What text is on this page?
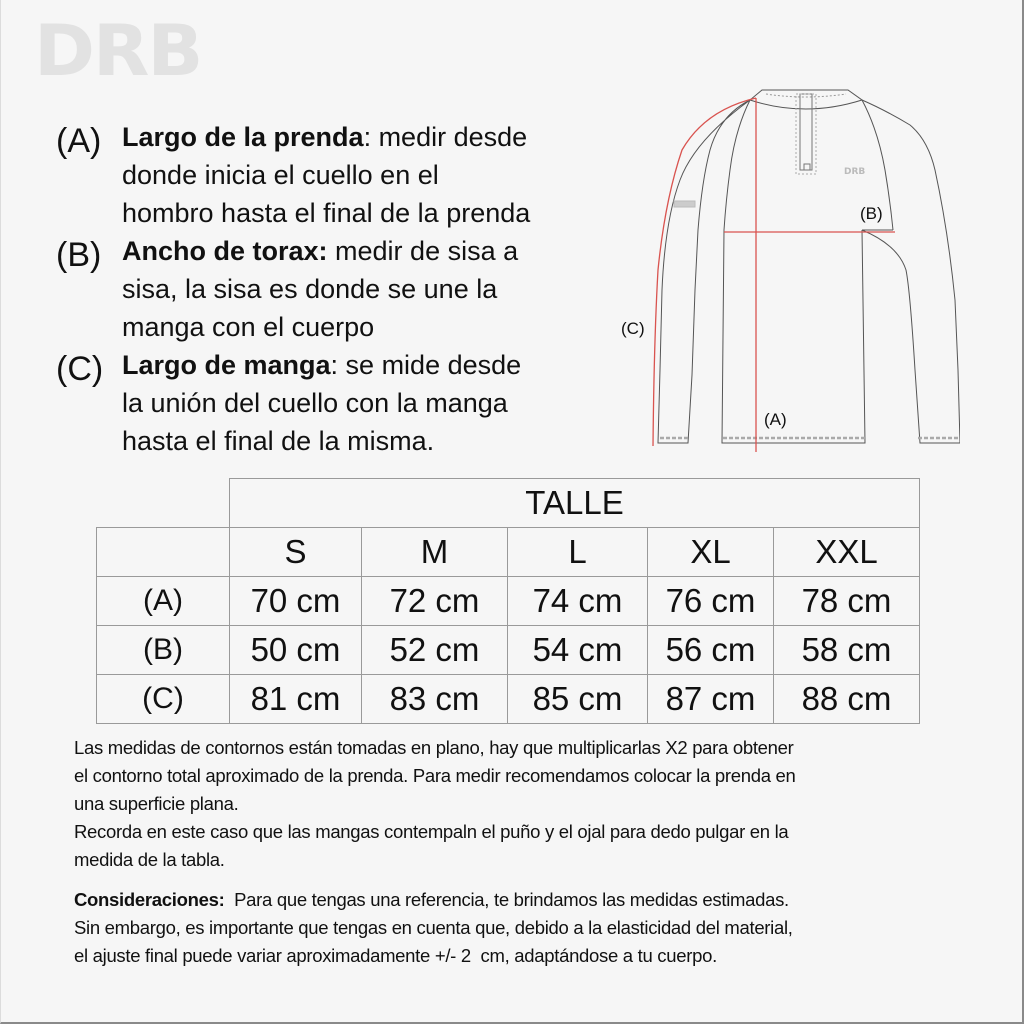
DRB
(A) Largo de la prenda: medir desde
donde inicia el cuello en el
hombro hasta el final de la prenda
(B) Ancho de torax: medir de sisa a
sisa, la sisa es donde se une la
manga con el cuerpo
(C) Largo de manga: se mide desde
la unión del cuello con la manga
hasta el final de la misma.
DRB
(A)
(B)
(C)
	TALLE				
	S	M	L	XL	XXL
(A)	70 cm	72 cm	74 cm	76 cm	78 cm
(B)	50 cm	52 cm	54 cm	56 cm	58 cm
(C)	81 cm	83 cm	85 cm	87 cm	88 cm

Las medidas de contornos están tomadas en plano, hay que multiplicarlas X2 para obtener

el contorno total aproximado de la prenda. Para medir recomendamos colocar la prenda en

una superficie plana.

Recorda en este caso que las mangas contempaln el puño y el ojal para dedo pulgar en la

medida de la tabla.

Consideraciones:  Para que tengas una referencia, te brindamos las medidas estimadas.

Sin embargo, es importante que tengas en cuenta que, debido a la elasticidad del material,

el ajuste final puede variar aproximadamente +/- 2  cm, adaptándose a tu cuerpo.
